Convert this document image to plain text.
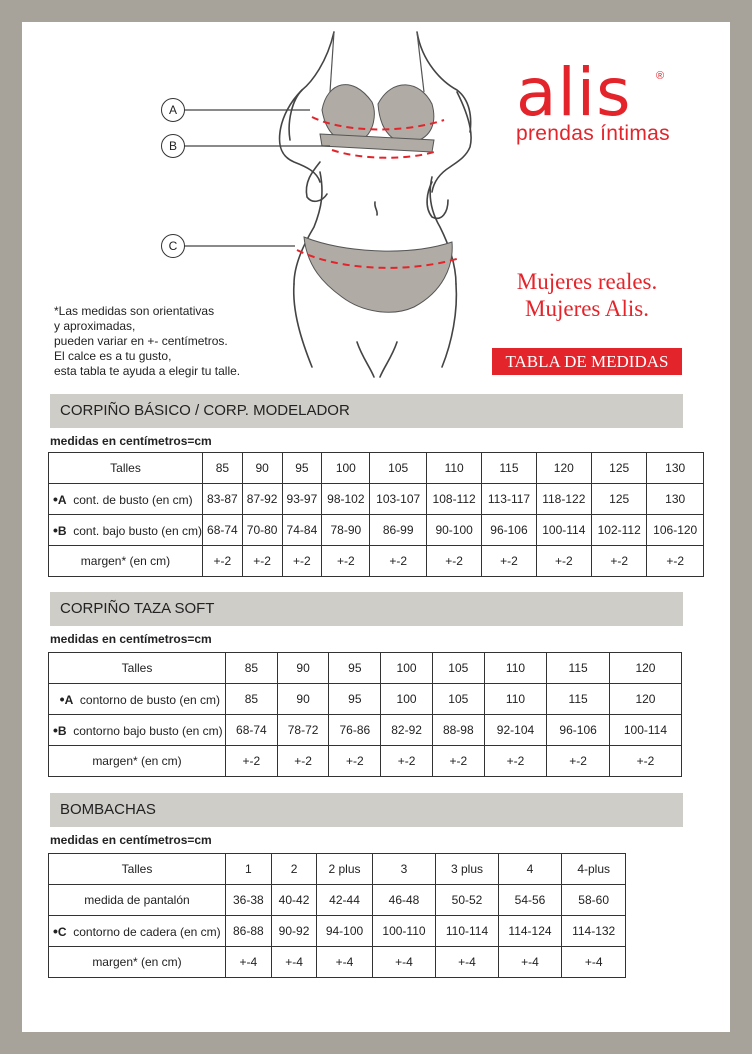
A
B
C
alis	®
prendas íntimas
Mujeres reales.
Mujeres Alis.
TABLA DE MEDIDAS
*Las medidas son orientativas
y aproximadas,
pueden variar en +- centímetros.
El calce es a tu gusto,
esta tabla te ayuda a elegir tu talle.
CORPIÑO BÁSICO / CORP. MODELADOR
medidas en centímetros=cm
Talles	85	90	95	100	105	110	115	120	125	130
•A cont. de busto (en cm)	83-87	87-92	93-97	98-102	103-107	108-112	113-117	118-122	125	130
•B cont. bajo busto (en cm)	68-74	70-80	74-84	78-90	86-99	90-100	96-106	100-114	102-112	106-120
margen* (en cm)	+-2	+-2	+-2	+-2	+-2	+-2	+-2	+-2	+-2	+-2
CORPIÑO TAZA SOFT
medidas en centímetros=cm
Talles	85	90	95	100	105	110	115	120
•A contorno de busto (en cm)	85	90	95	100	105	110	115	120
•B contorno bajo busto (en cm)	68-74	78-72	76-86	82-92	88-98	92-104	96-106	100-114
margen* (en cm)	+-2	+-2	+-2	+-2	+-2	+-2	+-2	+-2
BOMBACHAS
medidas en centímetros=cm
Talles	1	2	2 plus	3	3 plus	4	4-plus
medida de pantalón	36-38	40-42	42-44	46-48	50-52	54-56	58-60
•C contorno de cadera (en cm)	86-88	90-92	94-100	100-110	110-114	114-124	114-132
margen* (en cm)	+-4	+-4	+-4	+-4	+-4	+-4	+-4
